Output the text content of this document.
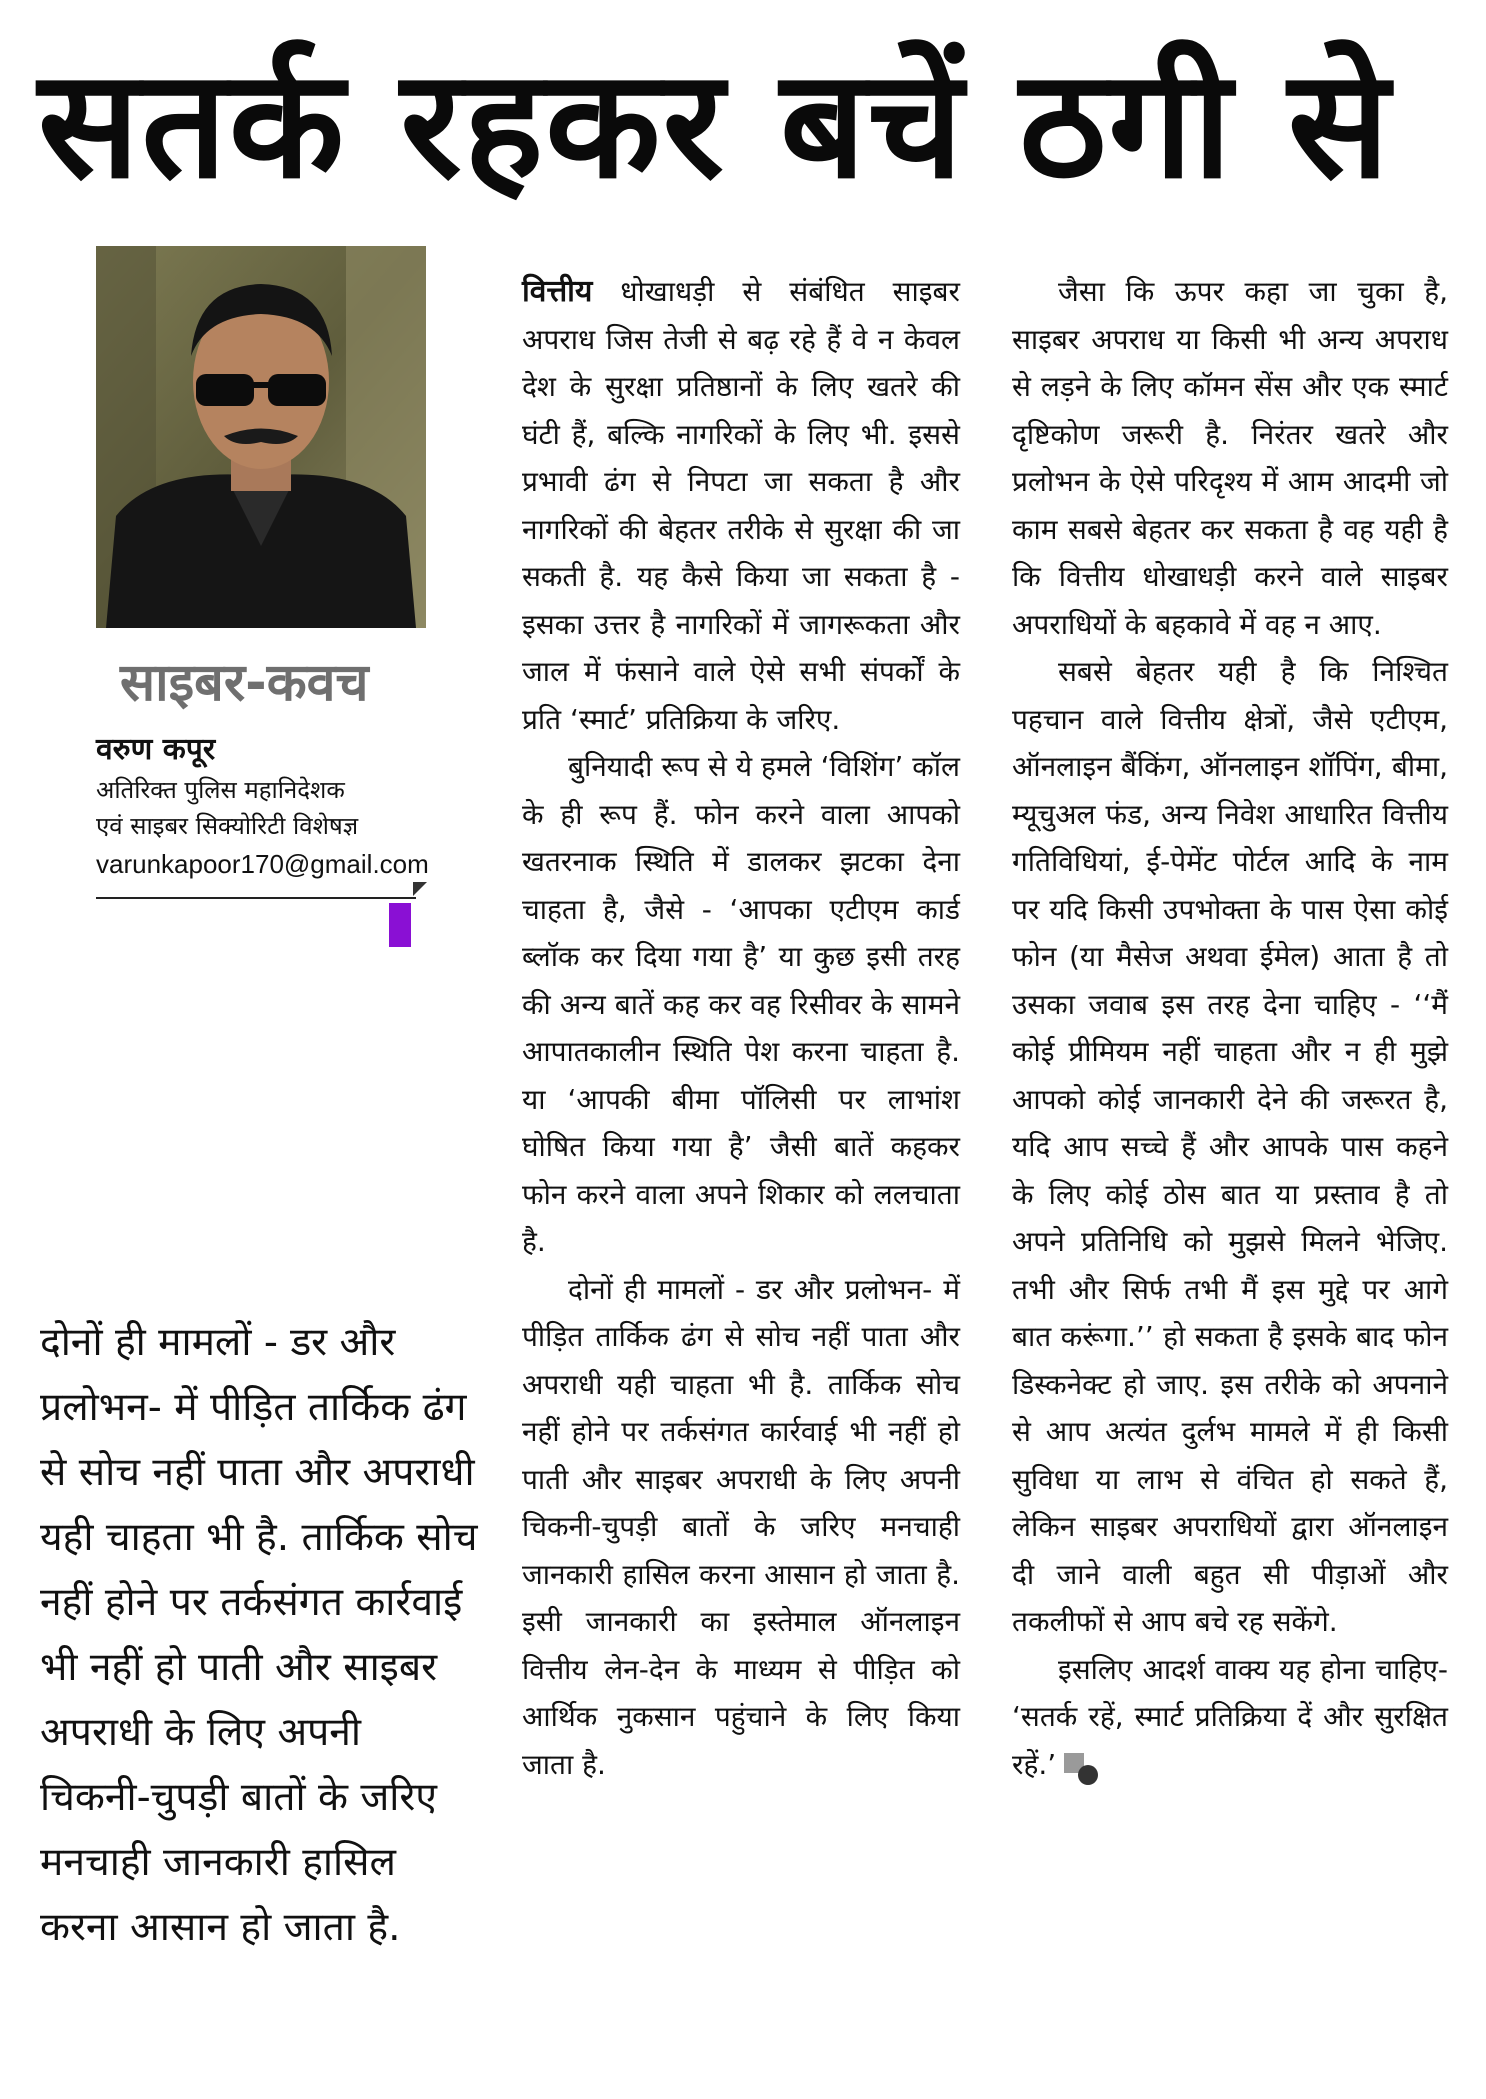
सतर्क रहकर बचें ठगी से
साइबर-कवच
वरुण कपूर
अतिरिक्त पुलिस महानिदेशक
एवं साइबर सिक्योरिटी विशेषज्ञ
varunkapoor170@gmail.com

दोनों ही मामलों - डर और प्रलोभन- में पीड़ित तार्किक ढंग से सोच नहीं पाता और अपराधी यही चाहता भी है. तार्किक सोच नहीं होने पर तर्कसंगत कार्रवाई भी नहीं हो पाती और साइबर अपराधी के लिए अपनी चिकनी-चुपड़ी बातों के जरिए मनचाही जानकारी हासिल करना आसान हो जाता है.

वित्तीय धोखाधड़ी से संबंधित साइबर अपराध जिस तेजी से बढ़ रहे हैं वे न केवल देश के सुरक्षा प्रतिष्ठानों के लिए खतरे की घंटी हैं, बल्कि नागरिकों के लिए भी. इससे प्रभावी ढंग से निपटा जा सकता है और नागरिकों की बेहतर तरीके से सुरक्षा की जा सकती है. यह कैसे किया जा सकता है - इसका उत्तर है नागरिकों में जागरूकता और जाल में फंसाने वाले ऐसे सभी संपर्कों के प्रति ‘स्मार्ट’ प्रतिक्रिया के जरिए.

बुनियादी रूप से ये हमले ‘विशिंग’ कॉल के ही रूप हैं. फोन करने वाला आपको खतरनाक स्थिति में डालकर झटका देना चाहता है, जैसे - ‘आपका एटीएम कार्ड ब्लॉक कर दिया गया है’ या कुछ इसी तरह की अन्य बातें कह कर वह रिसीवर के सामने आपातकालीन स्थिति पेश करना चाहता है. या ‘आपकी बीमा पॉलिसी पर लाभांश घोषित किया गया है’ जैसी बातें कहकर फोन करने वाला अपने शिकार को ललचाता है.

दोनों ही मामलों - डर और प्रलोभन- में पीड़ित तार्किक ढंग से सोच नहीं पाता और अपराधी यही चाहता भी है. तार्किक सोच नहीं होने पर तर्कसंगत कार्रवाई भी नहीं हो पाती और साइबर अपराधी के लिए अपनी चिकनी-चुपड़ी बातों के जरिए मनचाही जानकारी हासिल करना आसान हो जाता है. इसी जानकारी का इस्तेमाल ऑनलाइन वित्तीय लेन-देन के माध्यम से पीड़ित को आर्थिक नुकसान पहुंचाने के लिए किया जाता है.

जैसा कि ऊपर कहा जा चुका है, साइबर अपराध या किसी भी अन्य अपराध से लड़ने के लिए कॉमन सेंस और एक स्मार्ट दृष्टिकोण जरूरी है. निरंतर खतरे और प्रलोभन के ऐसे परिदृश्य में आम आदमी जो काम सबसे बेहतर कर सकता है वह यही है कि वित्तीय धोखाधड़ी करने वाले साइबर अपराधियों के बहकावे में वह न आए.

सबसे बेहतर यही है कि निश्चित पहचान वाले वित्तीय क्षेत्रों, जैसे एटीएम, ऑनलाइन बैंकिंग, ऑनलाइन शॉपिंग, बीमा, म्यूचुअल फंड, अन्य निवेश आधारित वित्तीय गतिविधियां, ई-पेमेंट पोर्टल आदि के नाम पर यदि किसी उपभोक्ता के पास ऐसा कोई फोन (या मैसेज अथवा ईमेल) आता है तो उसका जवाब इस तरह देना चाहिए - ‘‘मैं कोई प्रीमियम नहीं चाहता और न ही मुझे आपको कोई जानकारी देने की जरूरत है, यदि आप सच्चे हैं और आपके पास कहने के लिए कोई ठोस बात या प्रस्ताव है तो अपने प्रतिनिधि को मुझसे मिलने भेजिए. तभी और सिर्फ तभी मैं इस मुद्दे पर आगे बात करूंगा.’’ हो सकता है इसके बाद फोन डिस्कनेक्ट हो जाए. इस तरीके को अपनाने से आप अत्यंत दुर्लभ मामले में ही किसी सुविधा या लाभ से वंचित हो सकते हैं, लेकिन साइबर अपराधियों द्वारा ऑनलाइन दी जाने वाली बहुत सी पीड़ाओं और तकलीफों से आप बचे रह सकेंगे.

इसलिए आदर्श वाक्य यह होना चाहिए- ‘सतर्क रहें, स्मार्ट प्रतिक्रिया दें और सुरक्षित रहें.’
